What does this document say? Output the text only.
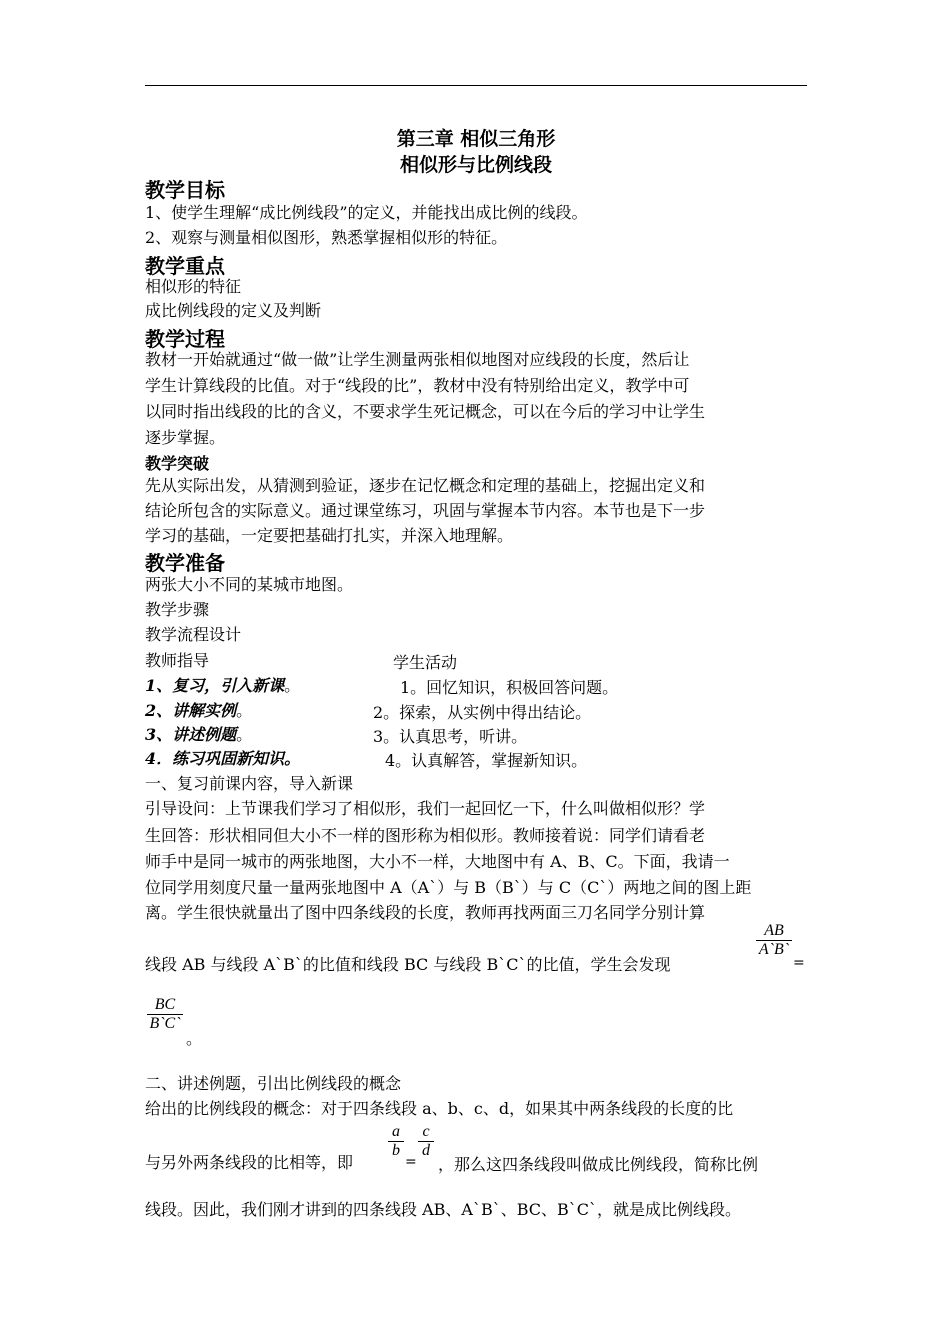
第三章 相似三角形
相似形与比例线段
教学目标
1、使学生理解“成比例线段”的定义，并能找出成比例的线段。
2、观察与测量相似图形，熟悉掌握相似形的特征。
教学重点
相似形的特征
成比例线段的定义及判断
教学过程
教材一开始就通过“做一做”让学生测量两张相似地图对应线段的长度，然后让
学生计算线段的比值。对于“线段的比”，教材中没有特别给出定义，教学中可
以同时指出线段的比的含义，不要求学生死记概念，可以在今后的学习中让学生
逐步掌握。
教学突破
先从实际出发，从猜测到验证，逐步在记忆概念和定理的基础上，挖掘出定义和
结论所包含的实际意义。通过课堂练习，巩固与掌握本节内容。本节也是下一步
学习的基础，一定要把基础打扎实，并深入地理解。
教学准备
两张大小不同的某城市地图。
教学步骤
教学流程设计
教师指导	学生活动
1、复习，引入新课。	1。回忆知识，积极回答问题。
2、讲解实例。	2。探索，从实例中得出结论。
3、讲述例题。	3。认真思考，听讲。
4．练习巩固新知识。	4。认真解答，掌握新知识。
一、复习前课内容，导入新课
引导设问：上节课我们学习了相似形，我们一起回忆一下，什么叫做相似形？学
生回答：形状相同但大小不一样的图形称为相似形。教师接着说：同学们请看老
师手中是同一城市的两张地图，大小不一样，大地图中有 A、B、C。下面，我请一
位同学用刻度尺量一量两张地图中 A（A`）与 B（B`）与 C（C`）两地之间的图上距
离。学生很快就量出了图中四条线段的长度，教师再找两面三刀名同学分别计算
线段 AB 与线段 A`B`的比值和线段 BC 与线段 B`C`的比值，学生会发现
AB
A`B`
=
BC
B`C`
。
二、讲述例题，引出比例线段的概念
给出的比例线段的概念：对于四条线段 a、b、c、d，如果其中两条线段的长度的比
与另外两条线段的比相等，即
a
b
=
c
d
，那么这四条线段叫做成比例线段，简称比例
线段。因此，我们刚才讲到的四条线段 AB、A`B`、BC、B`C`，就是成比例线段。
